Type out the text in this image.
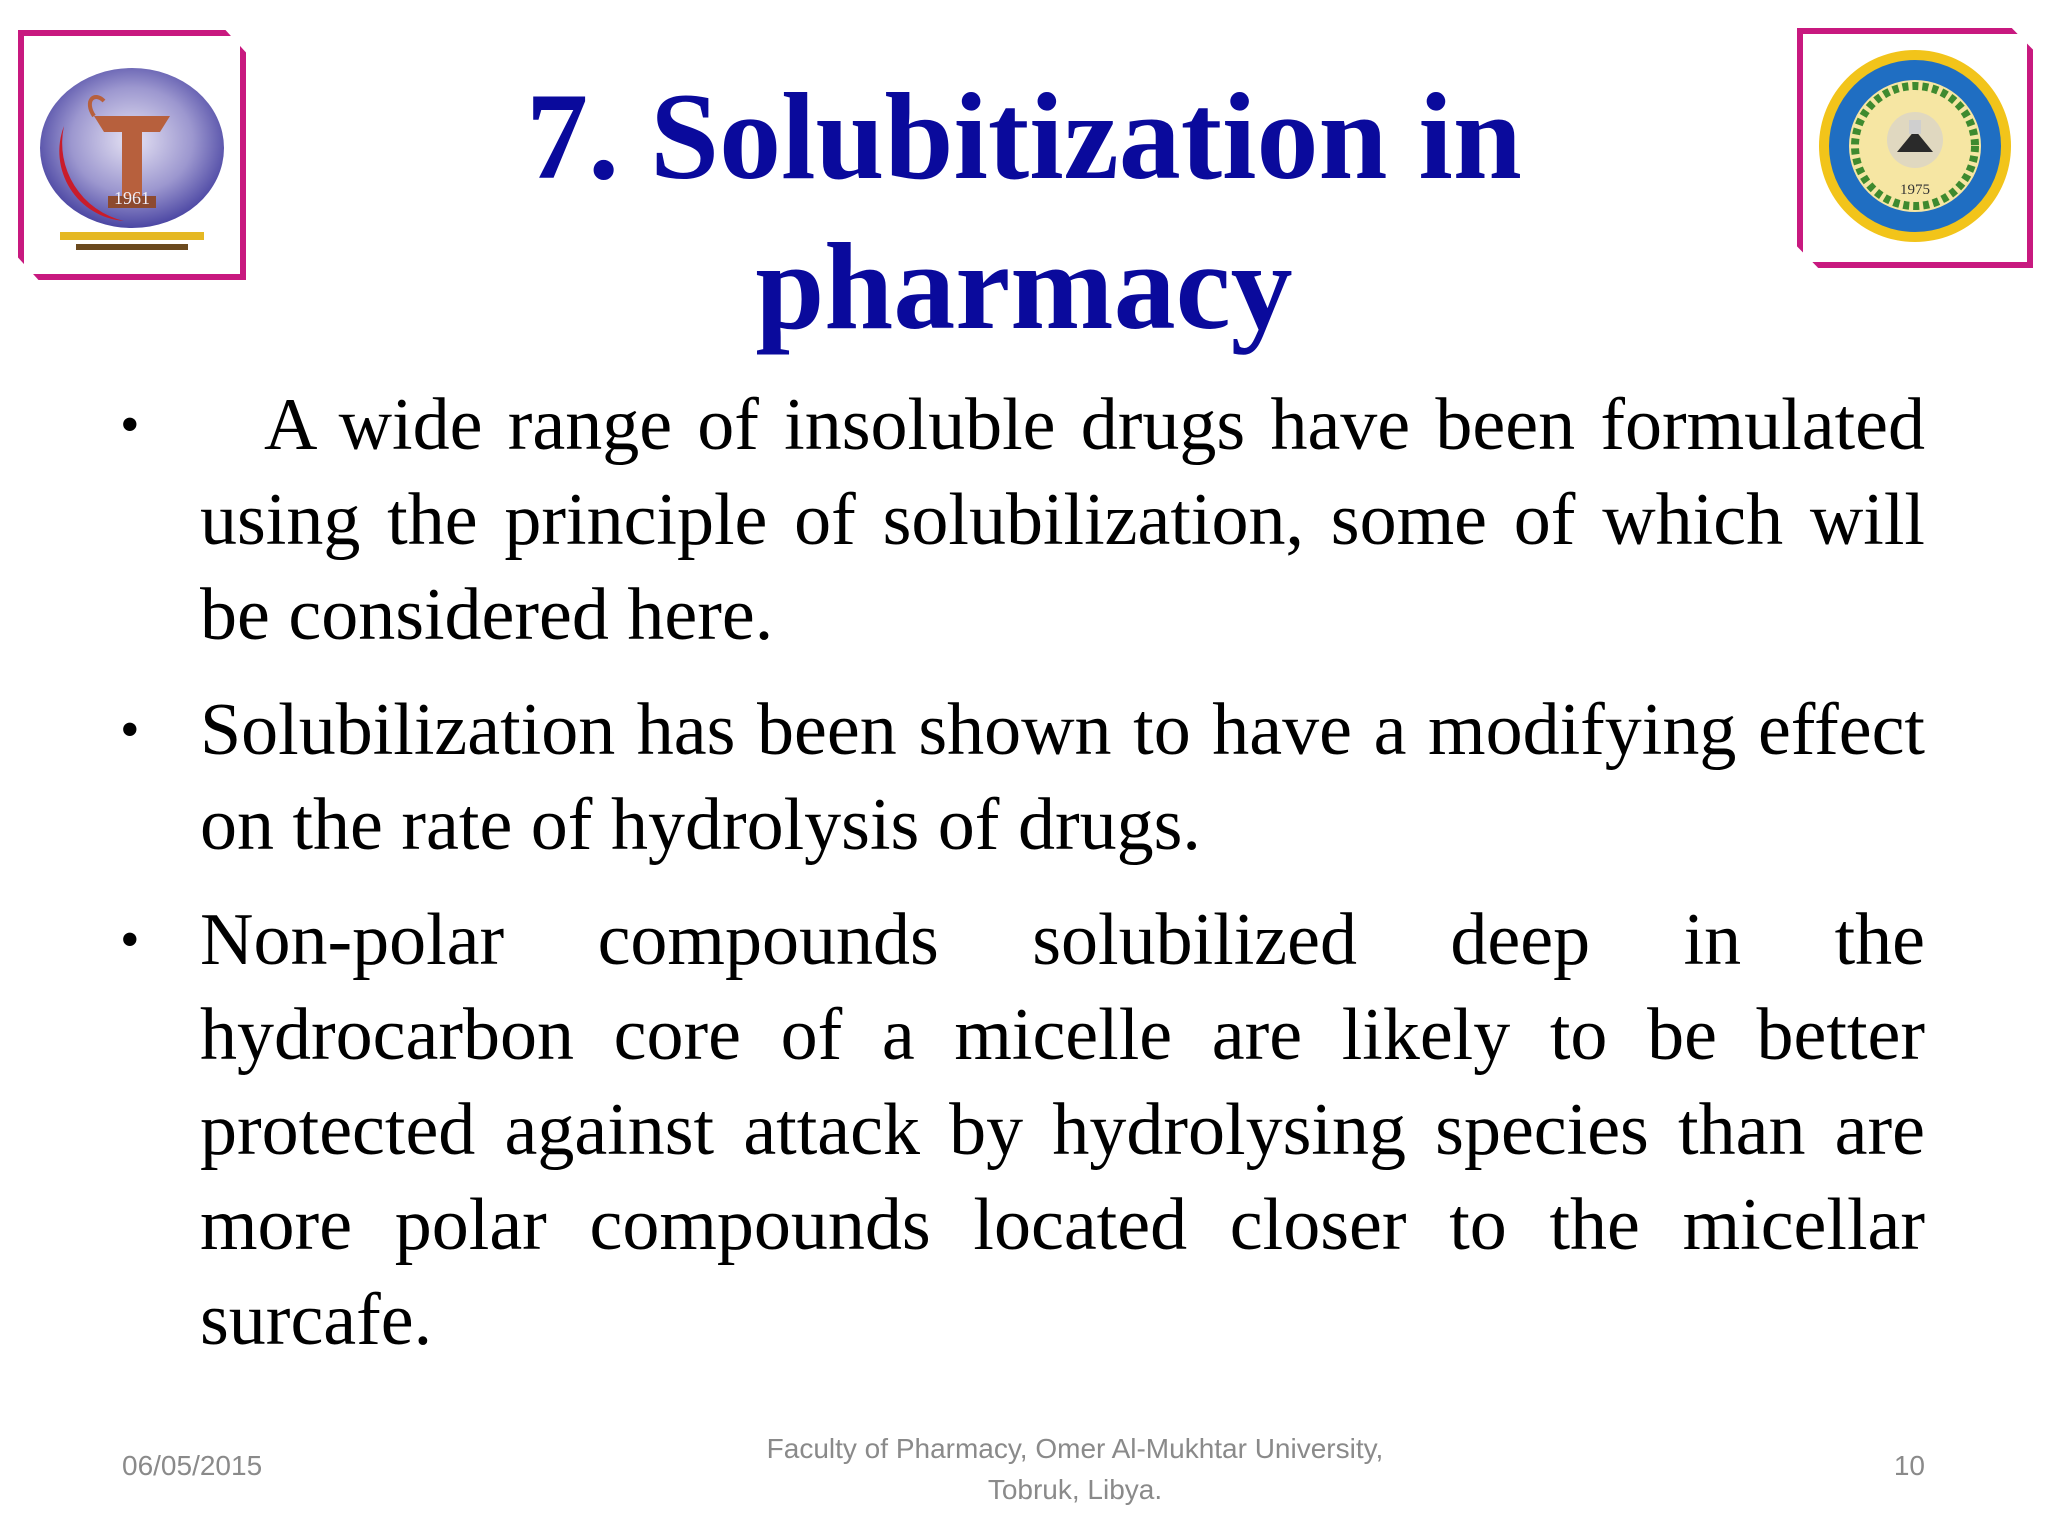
1961	1975
7. Solubitization in pharmacy
•	A wide range of insoluble drugs have been formulated using the principle of solubilization, some of which will be considered here.
• Solubilization has been shown to have a modifying effect on the rate of hydrolysis of drugs.
• Non-polar compounds solubilized deep in the hydrocarbon core of a micelle are likely to be better protected against attack by hydrolysing species than are more polar compounds located closer to the micellar surcafe.
06/05/2015
Faculty of Pharmacy, Omer Al-Mukhtar University,
Tobruk, Libya.
10
